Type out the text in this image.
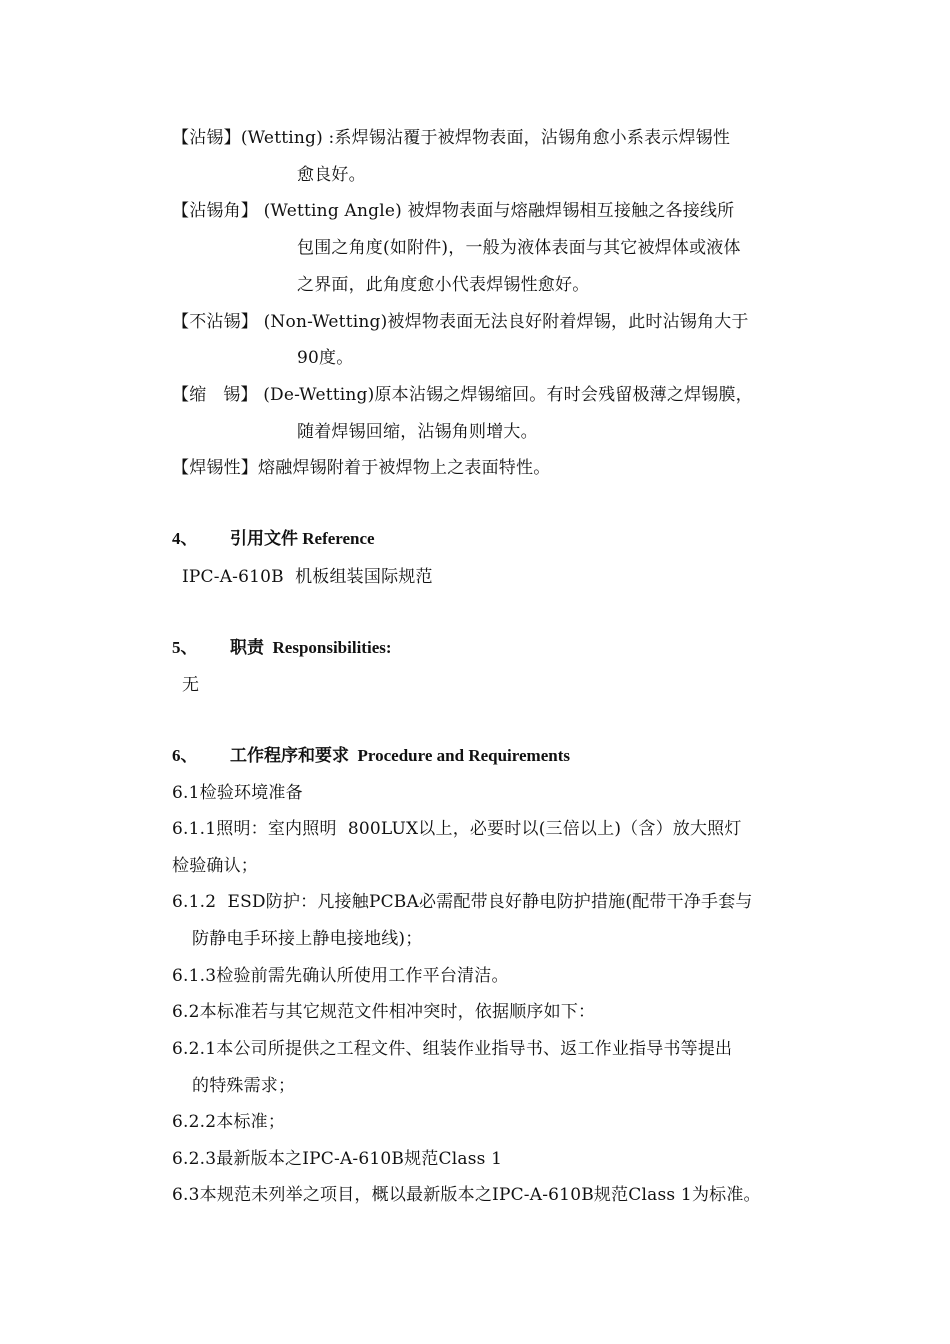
【沾锡】(Wetting) :系焊锡沾覆于被焊物表面，沾锡角愈小系表示焊锡性
愈良好。
【沾锡角】 (Wetting Angle) 被焊物表面与熔融焊锡相互接触之各接线所
包围之角度(如附件)，一般为液体表面与其它被焊体或液体
之界面，此角度愈小代表焊锡性愈好。
【不沾锡】 (Non-Wetting)被焊物表面无法良好附着焊锡，此时沾锡角大于
90度。
【缩   锡】 (De-Wetting)原本沾锡之焊锡缩回。有时会残留极薄之焊锡膜，
随着焊锡回缩，沾锡角则增大。
【焊锡性】熔融焊锡附着于被焊物上之表面特性。
4、 引用文件 Reference
IPC-A-610B  机板组装国际规范
5、 职责  Responsibilities:
无
6、 工作程序和要求  Procedure and Requirements
6.1检验环境准备
6.1.1照明：室内照明  800LUX以上，必要时以(三倍以上)（含）放大照灯
检验确认；
6.1.2  ESD防护：凡接触PCBA必需配带良好静电防护措施(配带干净手套与
防静电手环接上静电接地线)；
6.1.3检验前需先确认所使用工作平台清洁。
6.2本标准若与其它规范文件相冲突时，依据顺序如下：
6.2.1本公司所提供之工程文件、组装作业指导书、返工作业指导书等提出
的特殊需求；
6.2.2本标准；
6.2.3最新版本之IPC-A-610B规范Class 1
6.3本规范未列举之项目，概以最新版本之IPC-A-610B规范Class 1为标准。
